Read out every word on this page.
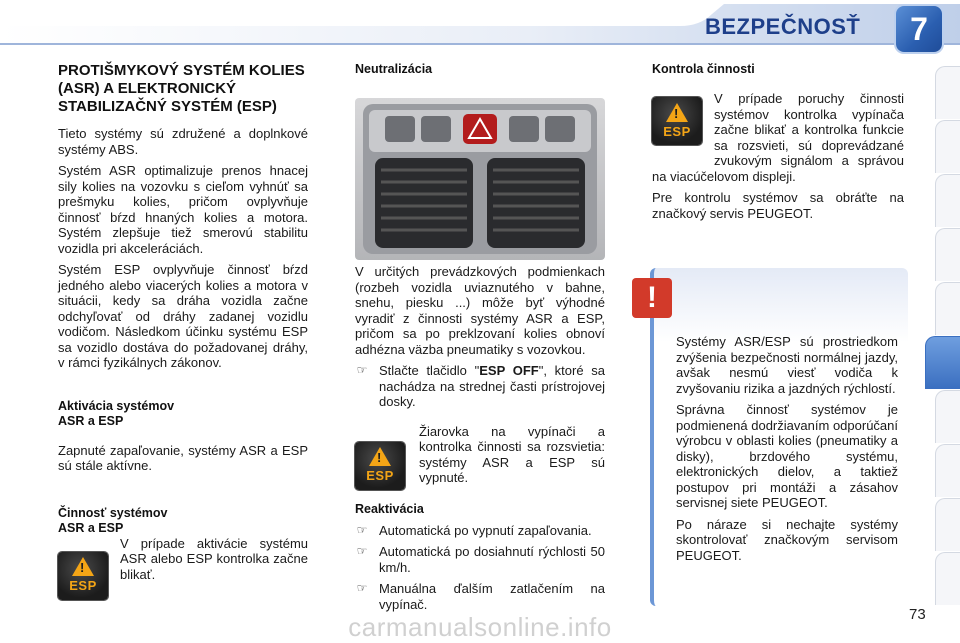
BEZPEČNOSŤ	7
PROTIŠMYKOVÝ SYSTÉM KOLIES (ASR) A ELEKTRONICKÝ STABILIZAČNÝ SYSTÉM (ESP)

Tieto systémy sú združené a doplnkové systémy ABS.

Systém ASR optimalizuje prenos hnacej sily kolies na vozovku s cieľom vyhnúť sa prešmyku kolies, pričom ovplyvňuje činnosť bŕzd hnaných kolies a motora. Systém zlepšuje tiež smerovú stabilitu vozidla pri akceleráciách.

Systém ESP ovplyvňuje činnosť bŕzd jedného alebo viacerých kolies a motora v situácii, kedy sa dráha vozidla začne odchyľovať od dráhy zadanej vozidlu vodičom. Následkom účinku systému ESP sa vozidlo dostáva do požadovanej dráhy, v rámci fyzikálnych zákonov.

Aktivácia systémov
ASR a ESP

Zapnuté zapaľovanie, systémy ASR a ESP sú stále aktívne.

Činnosť systémov
ASR a ESP
!
ESP

V prípade aktivácie systému ASR alebo ESP kontrolka začne blikať.

Neutralizácia

V určitých prevádzkových podmienkach (rozbeh vozidla uviaznutého v bahne, snehu, piesku ...) môže byť výhodné vyradiť z činnosti systémy ASR a ESP, pričom sa po preklzovaní kolies obnoví adhézna väzba pneumatiky s vozovkou.

☞ Stlačte tlačidlo "ESP OFF", ktoré sa nachádza na strednej časti prístrojovej dosky.
!
ESP

Žiarovka na vypínači a kontrolka činnosti sa rozsvietia: systémy ASR a ESP sú vypnuté.

Reaktivácia
☞ Automatická po vypnutí zapaľovania.
☞ Automatická po dosiahnutí rýchlosti 50 km/h.
☞ Manuálna ďalším zatlačením na vypínač.
Kontrola činnosti
!
ESP

V prípade poruchy činnosti systémov kontrolka vypínača začne blikať a kontrolka funkcie sa rozsvieti, sú doprevádzané zvukovým signálom a správou na viacúčelovom displeji.

Pre kontrolu systémov sa obráťte na značkový servis PEUGEOT.

!

Systémy ASR/ESP sú prostriedkom zvýšenia bezpečnosti normálnej jazdy, avšak nesmú viesť vodiča k zvyšovaniu rizika a jazdných rýchlostí.

Správna činnosť systémov je podmienená dodržiavaním odporúčaní výrobcu v oblasti kolies (pneumatiky a disky), brzdového systému, elektronických dielov, a taktiež postupov pri montáži a zásahov servisnej siete PEUGEOT.

Po náraze si nechajte systémy skontrolovať značkovým servisom PEUGEOT.

73
carmanualsonline.info
